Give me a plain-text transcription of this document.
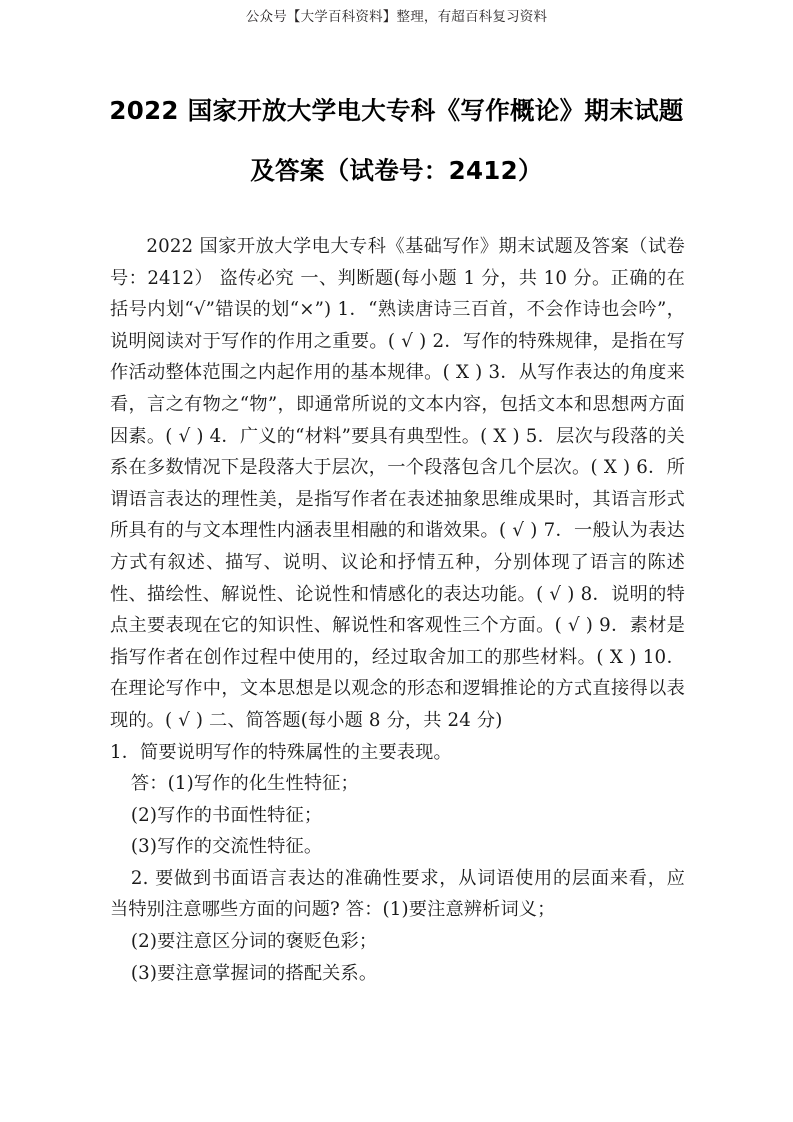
公众号【大学百科资料】整理，有超百科复习资料
2022 国家开放大学电大专科《写作概论》期末试题
及答案（试卷号：2412）

2022 国家开放大学电大专科《基础写作》期末试题及答案（试卷号：2412） 盗传必究 一、判断题(每小题 1 分，共 10 分。正确的在括号内划“√”错误的划“×”) 1．“熟读唐诗三百首，不会作诗也会吟”，说明阅读对于写作的作用之重要。( √ ) 2．写作的特殊规律，是指在写作活动整体范围之内起作用的基本规律。( X ) 3．从写作表达的角度来看，言之有物之“物”，即通常所说的文本内容，包括文本和思想两方面因素。( √ ) 4．广义的“材料”要具有典型性。( X ) 5．层次与段落的关系在多数情况下是段落大于层次，一个段落包含几个层次。( X ) 6．所谓语言表达的理性美，是指写作者在表述抽象思维成果时，其语言形式所具有的与文本理性内涵表里相融的和谐效果。( √ ) 7．一般认为表达方式有叙述、描写、说明、议论和抒情五种，分别体现了语言的陈述性、描绘性、解说性、论说性和情感化的表达功能。( √ ) 8．说明的特点主要表现在它的知识性、解说性和客观性三个方面。( √ ) 9．素材是指写作者在创作过程中使用的，经过取舍加工的那些材料。( X ) 10．在理论写作中，文本思想是以观念的形态和逻辑推论的方式直接得以表现的。( √ ) 二、简答题(每小题 8 分，共 24 分)

1．简要说明写作的特殊属性的主要表现。

答：(1)写作的化生性特征；

(2)写作的书面性特征；

(3)写作的交流性特征。

2. 要做到书面语言表达的准确性要求，从词语使用的层面来看，应当特别注意哪些方面的问题? 答：(1)要注意辨析词义；

(2)要注意区分词的褒贬色彩；

(3)要注意掌握词的搭配关系。
